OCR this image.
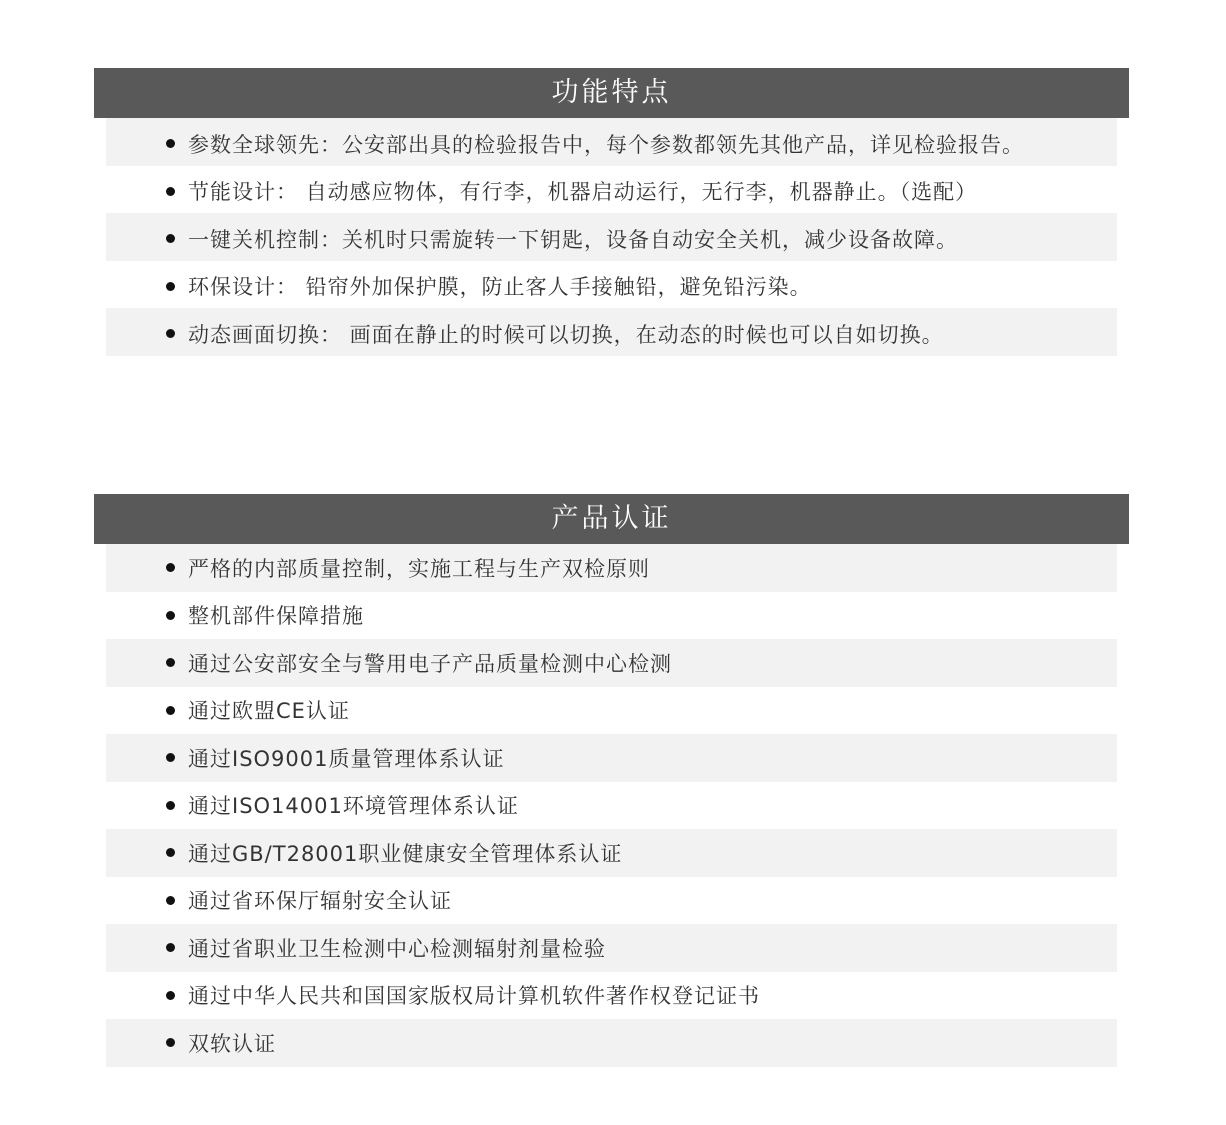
功能特点
参数全球领先：公安部出具的检验报告中，每个参数都领先其他产品，详见检验报告。
节能设计： 自动感应物体，有行李，机器启动运行，无行李，机器静止。（选配）
一键关机控制：关机时只需旋转一下钥匙，设备自动安全关机，减少设备故障。
环保设计： 铅帘外加保护膜，防止客人手接触铅，避免铅污染。
动态画面切换： 画面在静止的时候可以切换，在动态的时候也可以自如切换。
产品认证
严格的内部质量控制，实施工程与生产双检原则
整机部件保障措施
通过公安部安全与警用电子产品质量检测中心检测
通过欧盟CE认证
通过ISO9001质量管理体系认证
通过ISO14001环境管理体系认证
通过GB/T28001职业健康安全管理体系认证
通过省环保厅辐射安全认证
通过省职业卫生检测中心检测辐射剂量检验
通过中华人民共和国国家版权局计算机软件著作权登记证书
双软认证
